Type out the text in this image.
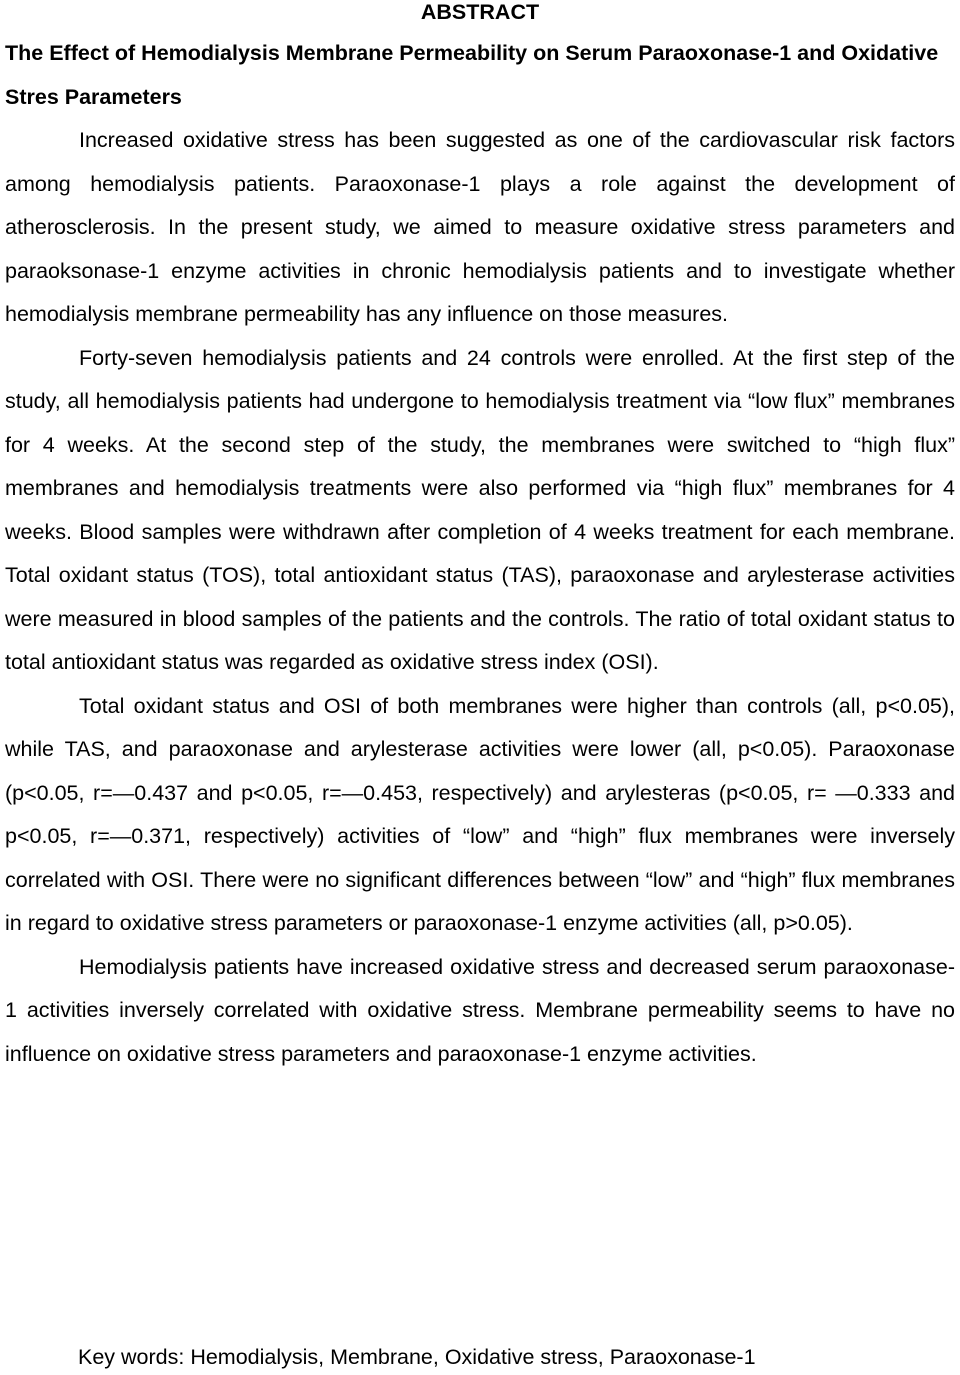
ABSTRACT
The Effect of Hemodialysis Membrane Permeability on Serum Paraoxonase-1 and Oxidative Stres Parameters

Increased oxidative stress has been suggested as one of the cardiovascular risk factors among hemodialysis patients. Paraoxonase-1 plays a role against the development of atherosclerosis. In the present study, we aimed to measure oxidative stress parameters and paraoksonase-1 enzyme activities in chronic hemodialysis patients and to investigate whether hemodialysis membrane permeability has any influence on those measures.

Forty-seven hemodialysis patients and 24 controls were enrolled. At the first step of the study, all hemodialysis patients had undergone to hemodialysis treatment via “low flux” membranes for 4 weeks. At the second step of the study, the membranes were switched to “high flux” membranes and hemodialysis treatments were also performed via “high flux” membranes for 4 weeks. Blood samples were withdrawn after completion of 4 weeks treatment for each membrane. Total oxidant status (TOS), total antioxidant status (TAS), paraoxonase and arylesterase activities were measured in blood samples of the patients and the controls. The ratio of total oxidant status to total antioxidant status was regarded as oxidative stress index (OSI).

Total oxidant status and OSI of both membranes were higher than controls (all, p<0.05), while TAS, and paraoxonase and arylesterase activities were lower (all, p<0.05). Paraoxonase (p<0.05, r=—0.437 and p<0.05, r=—0.453, respectively) and arylesteras (p<0.05, r= —0.333 and p<0.05, r=—0.371, respectively) activities of “low” and “high” flux membranes were inversely correlated with OSI. There were no significant differences between “low” and “high” flux membranes in regard to oxidative stress parameters or paraoxonase-1 enzyme activities (all, p>0.05).

Hemodialysis patients have increased oxidative stress and decreased serum paraoxonase-1 activities inversely correlated with oxidative stress. Membrane permeability seems to have no influence on oxidative stress parameters and paraoxonase-1 enzyme activities.

Key words: Hemodialysis, Membrane, Oxidative stress, Paraoxonase-1
